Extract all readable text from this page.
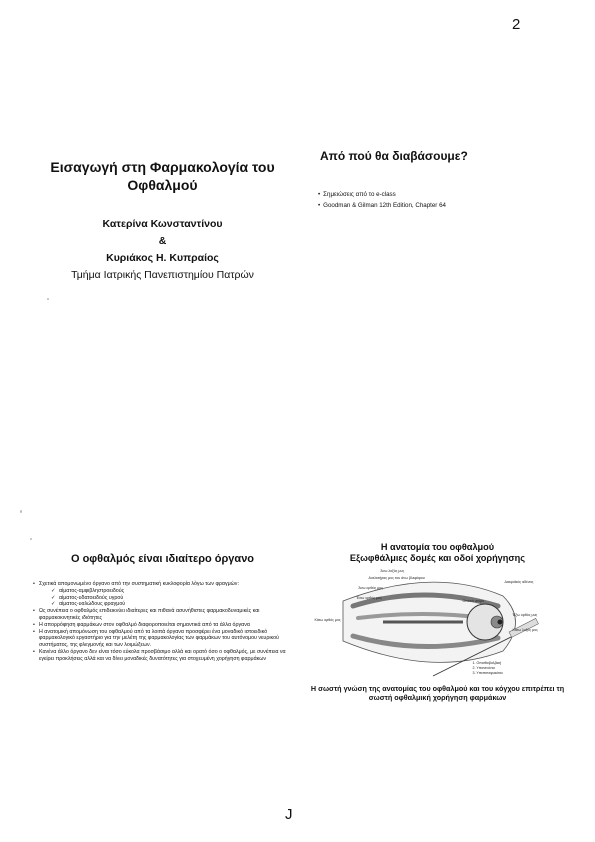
2
Εισαγωγή στη Φαρμακολογία του Οφθαλμού
Κατερίνα Κωνσταντίνου
&
Κυριάκος Η. Κυπραίος
Τμήμα Ιατρικής Πανεπιστημίου Πατρών
Από πού θα διαβάσουμε?
• Σημειώσεις από το e-class
• Goodman & Gilman 12th Edition, Chapter 64
Ο οφθαλμός είναι ιδιαίτερο όργανο
• Σχετικά απομονωμένο όργανο από την συστηματική κυκλοφορία λόγω των φραγμών:
✓ αίματος-αμφιβληστροειδούς
✓ αίματος-υδατοειδούς υγρού
✓ αίματος-υαλώδους φραγμού
• Ως συνέπεια ο οφθαλμός επιδεικνύει ιδιαίτερες και πιθανά ασυνήθιστες φαρμακοδυναμικές και φαρμακοκινητικές ιδιότητες
• Η απορρόφηση φαρμάκων στον οφθαλμό διαφοροποιείται σημαντικά από τα άλλα όργανα
• Η ανατομική απομόνωση του οφθαλμού από τα λοιπά όργανα προσφέρει ένα μοναδικό ιστοειδικό φαρμακολογικό εργαστήριο για την μελέτη της φαρμακολογίας των φαρμάκων του αυτόνομου νευρικού συστήματος, της φλεγμονής και των λοιμώξεων.
• Κανένα άλλο όργανο δεν είναι τόσο εύκολα προσβάσιμο αλλά και ορατό όσο ο οφθαλμός, με συνέπεια να εγείρει προκλήσεις αλλά και να δίνει μοναδικές δυνατότητες για στοχευμένη χορήγηση φαρμάκων
Η ανατομία του οφθαλμού
Εξωφθάλμιες δομές και οδοί χορήγησης
Άνω λοξός μυς
Ανελκτήρας μυς του άνω βλεφάρου
Άνω ορθός μυς
Έσω ορθός μυς
Δακρυϊκός αδένας
Οπτικό νεύρο
Έξω ορθός μυς
Κάτω ορθός μυς
Κάτω λοξός μυς
1. Οπισθοβολβική
2. Υποτενόνια
3. Υπεπιπεφυκότια
Η σωστή γνώση της ανατομίας του οφθαλμού και του κόγχου επιτρέπει τη σωστή οφθαλμική χορήγηση φαρμάκων
J
